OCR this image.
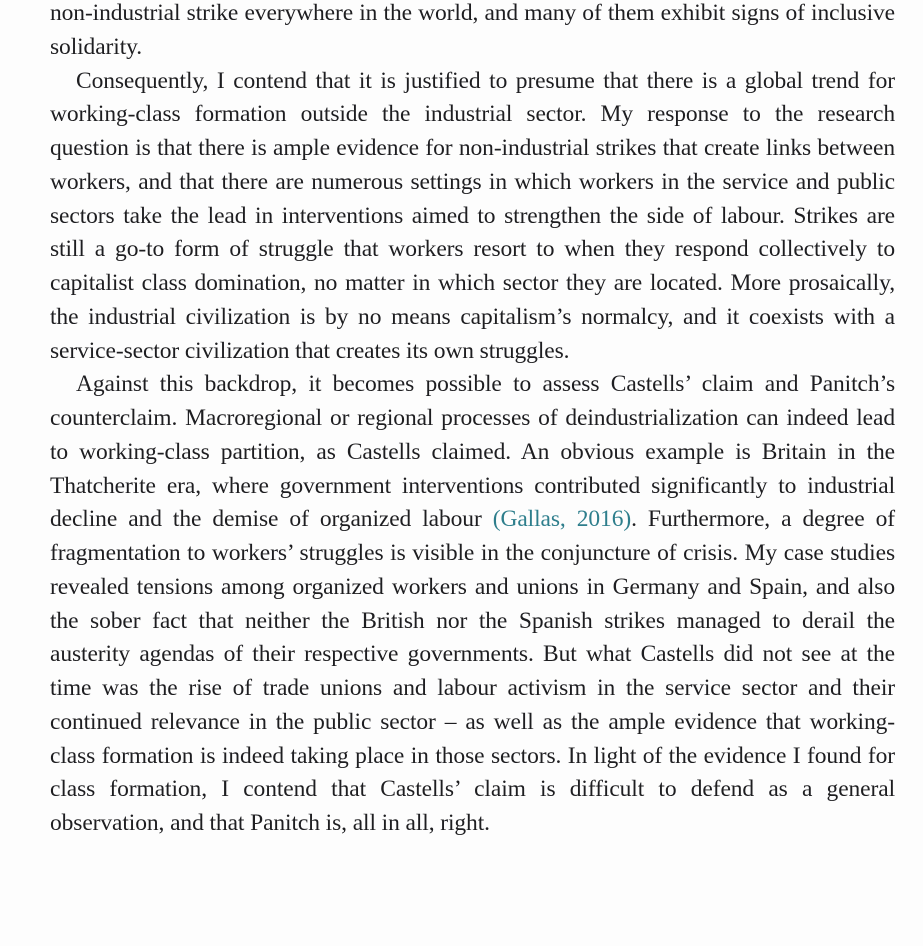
non-industrial strike everywhere in the world, and many of them exhibit signs of inclusive solidarity.

Consequently, I contend that it is justified to presume that there is a global trend for working-class formation outside the industrial sector. My response to the research question is that there is ample evidence for non-industrial strikes that create links between workers, and that there are numerous settings in which workers in the service and public sectors take the lead in interventions aimed to strengthen the side of labour. Strikes are still a go-to form of struggle that workers resort to when they respond collectively to capitalist class domination, no matter in which sector they are located. More prosaically, the industrial civilization is by no means capitalism’s normalcy, and it coexists with a service-sector civilization that creates its own struggles.

Against this backdrop, it becomes possible to assess Castells’ claim and Panitch’s counterclaim. Macroregional or regional processes of deindustrialization can indeed lead to working-class partition, as Castells claimed. An obvious example is Britain in the Thatcherite era, where government interventions contributed significantly to industrial decline and the demise of organized labour (Gallas, 2016). Furthermore, a degree of fragmentation to workers’ struggles is visible in the conjuncture of crisis. My case studies revealed tensions among organized workers and unions in Germany and Spain, and also the sober fact that neither the British nor the Spanish strikes managed to derail the austerity agendas of their respective governments. But what Castells did not see at the time was the rise of trade unions and labour activism in the service sector and their continued relevance in the public sector – as well as the ample evidence that working-class formation is indeed taking place in those sectors. In light of the evidence I found for class formation, I contend that Castells’ claim is difficult to defend as a general observation, and that Panitch is, all in all, right.
